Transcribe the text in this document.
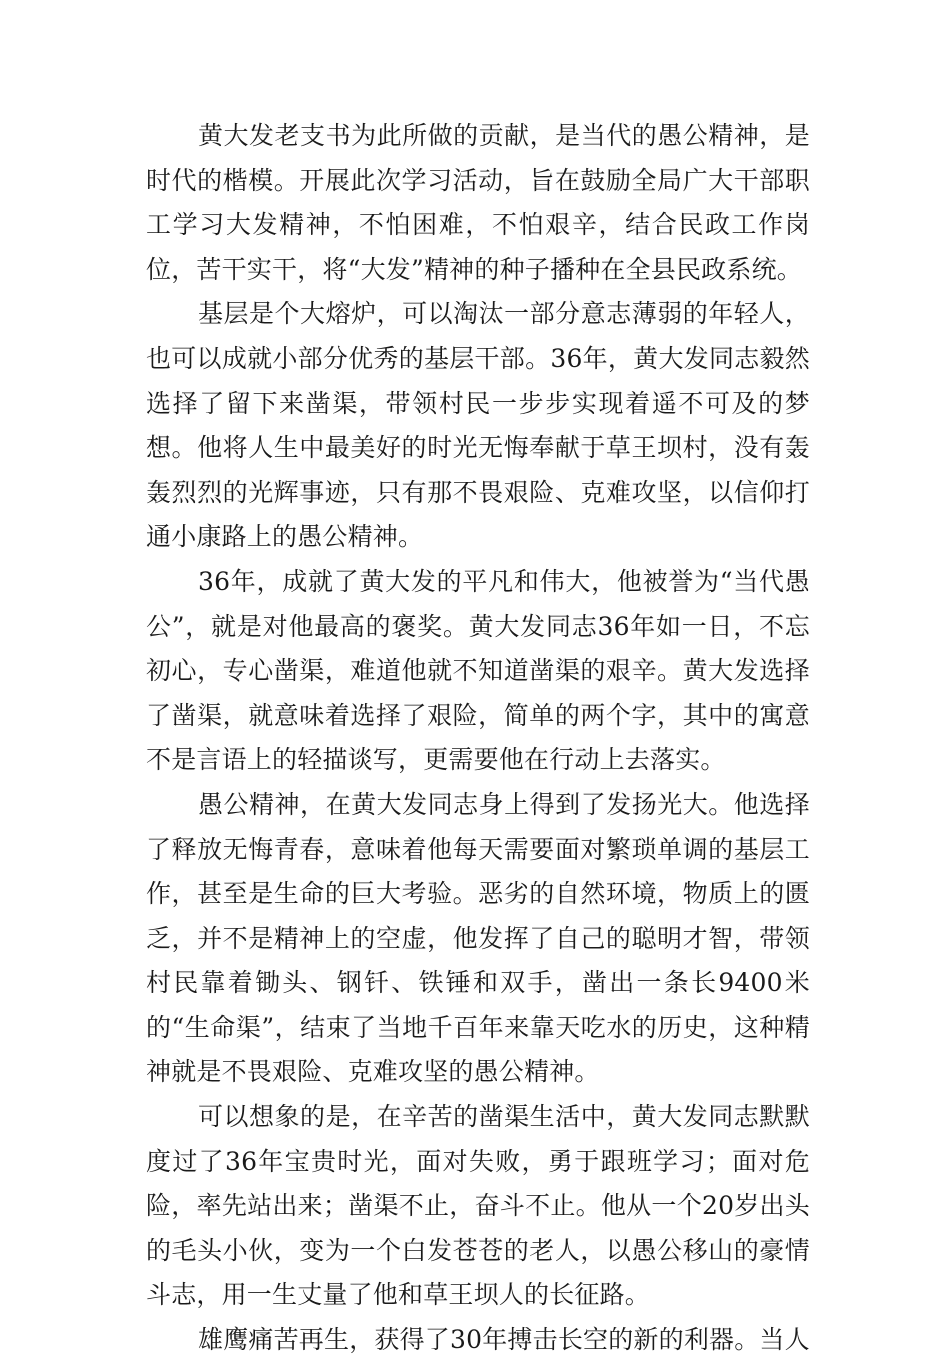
黄大发老支书为此所做的贡献，是当代的愚公精神，是时代的楷模。开展此次学习活动，旨在鼓励全局广大干部职工学习大发精神，不怕困难，不怕艰辛，结合民政工作岗位，苦干实干，将“大发”精神的种子播种在全县民政系统。

基层是个大熔炉，可以淘汰一部分意志薄弱的年轻人，也可以成就小部分优秀的基层干部。36年，黄大发同志毅然选择了留下来凿渠，带领村民一步步实现着遥不可及的梦想。他将人生中最美好的时光无悔奉献于草王坝村，没有轰轰烈烈的光辉事迹，只有那不畏艰险、克难攻坚，以信仰打通小康路上的愚公精神。

36年，成就了黄大发的平凡和伟大，他被誉为“当代愚公”，就是对他最高的褒奖。黄大发同志36年如一日，不忘初心，专心凿渠，难道他就不知道凿渠的艰辛。黄大发选择了凿渠，就意味着选择了艰险，简单的两个字，其中的寓意不是言语上的轻描谈写，更需要他在行动上去落实。

愚公精神，在黄大发同志身上得到了发扬光大。他选择了释放无悔青春，意味着他每天需要面对繁琐单调的基层工作，甚至是生命的巨大考验。恶劣的自然环境，物质上的匮乏，并不是精神上的空虚，他发挥了自己的聪明才智，带领村民靠着锄头、钢钎、铁锤和双手，凿出一条长9400米的“生命渠”，结束了当地千百年来靠天吃水的历史，这种精神就是不畏艰险、克难攻坚的愚公精神。

可以想象的是，在辛苦的凿渠生活中，黄大发同志默默度过了36年宝贵时光，面对失败，勇于跟班学习；面对危险，率先站出来；凿渠不止，奋斗不止。他从一个20岁出头的毛头小伙，变为一个白发苍苍的老人，以愚公移山的豪情斗志，用一生丈量了他和草王坝人的长征路。

雄鹰痛苦再生，获得了30年搏击长空的新的利器。当人
